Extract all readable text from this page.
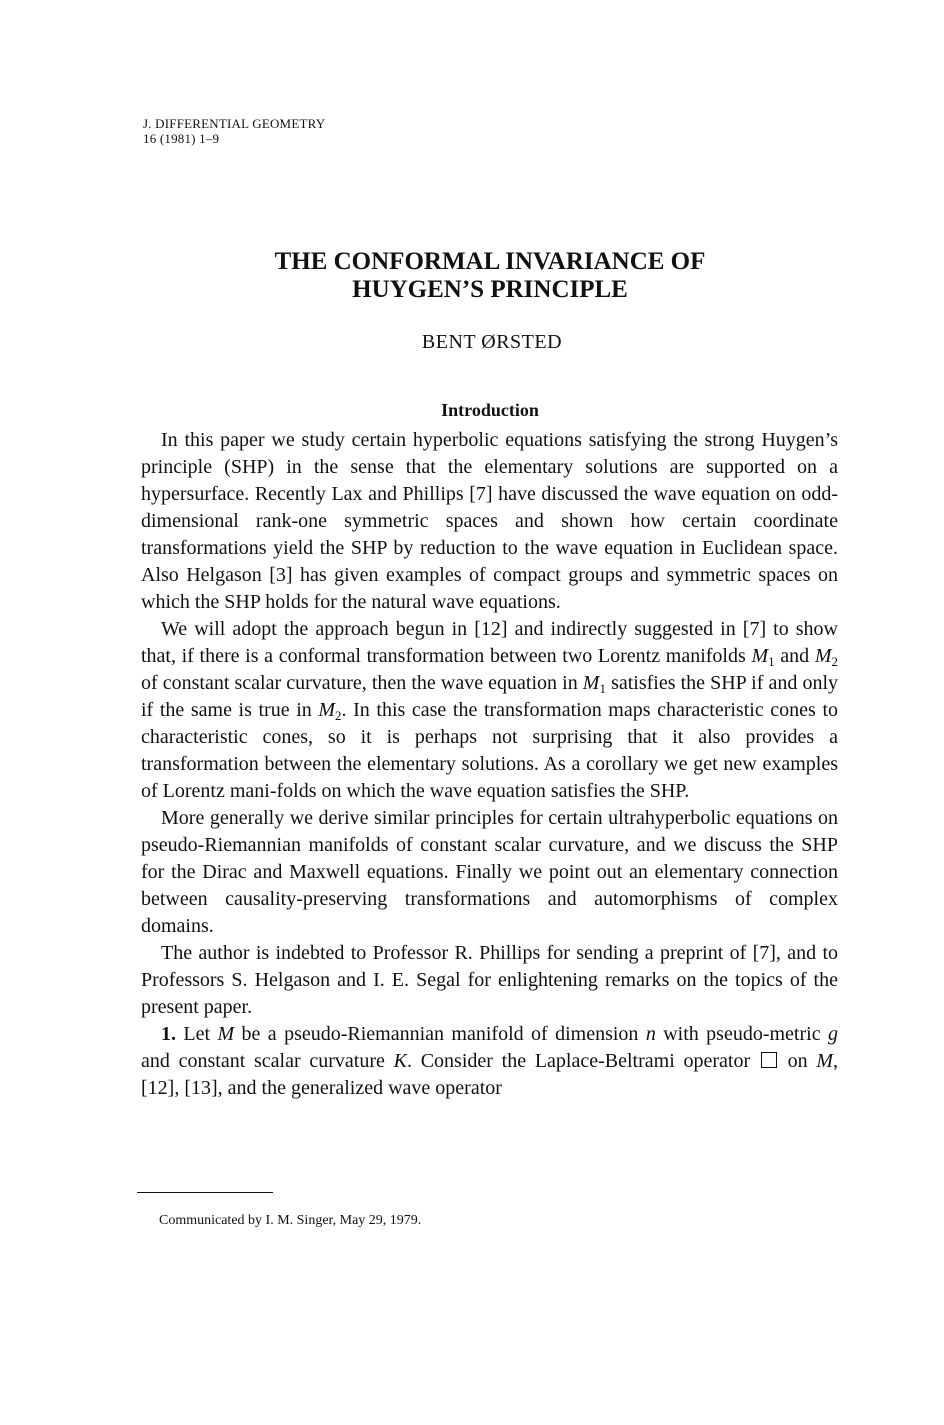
J. DIFFERENTIAL GEOMETRY
16 (1981) 1–9
THE CONFORMAL INVARIANCE OF
HUYGEN’S PRINCIPLE
BENT ØRSTED
Introduction

In this paper we study certain hyperbolic equations satisfying the strong Huygen’s principle (SHP) in the sense that the elementary solutions are supported on a hypersurface. Recently Lax and Phillips [7] have discussed the wave equation on odd-dimensional rank-one symmetric spaces and shown how certain coordinate transformations yield the SHP by reduction to the wave equation in Euclidean space. Also Helgason [3] has given examples of compact groups and symmetric spaces on which the SHP holds for the natural wave equations.

We will adopt the approach begun in [12] and indirectly suggested in [7] to show that, if there is a conformal transformation between two Lorentz manifolds $M_1$ and $M_2$ of constant scalar curvature, then the wave equation in $M_1$ satisfies the SHP if and only if the same is true in $M_2$. In this case the transformation maps characteristic cones to characteristic cones, so it is perhaps not surprising that it also provides a transformation between the elementary solutions. As a corollary we get new examples of Lorentz mani-folds on which the wave equation satisfies the SHP.

More generally we derive similar principles for certain ultrahyperbolic equations on pseudo-Riemannian manifolds of constant scalar curvature, and we discuss the SHP for the Dirac and Maxwell equations. Finally we point out an elementary connection between causality-preserving transformations and automorphisms of complex domains.

The author is indebted to Professor R. Phillips for sending a preprint of [7], and to Professors S. Helgason and I. E. Segal for enlightening remarks on the topics of the present paper.

1. Let M be a pseudo-Riemannian manifold of dimension n with pseudo-metric g and constant scalar curvature K. Consider the Laplace-Beltrami operator  on M, [12], [13], and the generalized wave operator

Communicated by I. M. Singer, May 29, 1979.
